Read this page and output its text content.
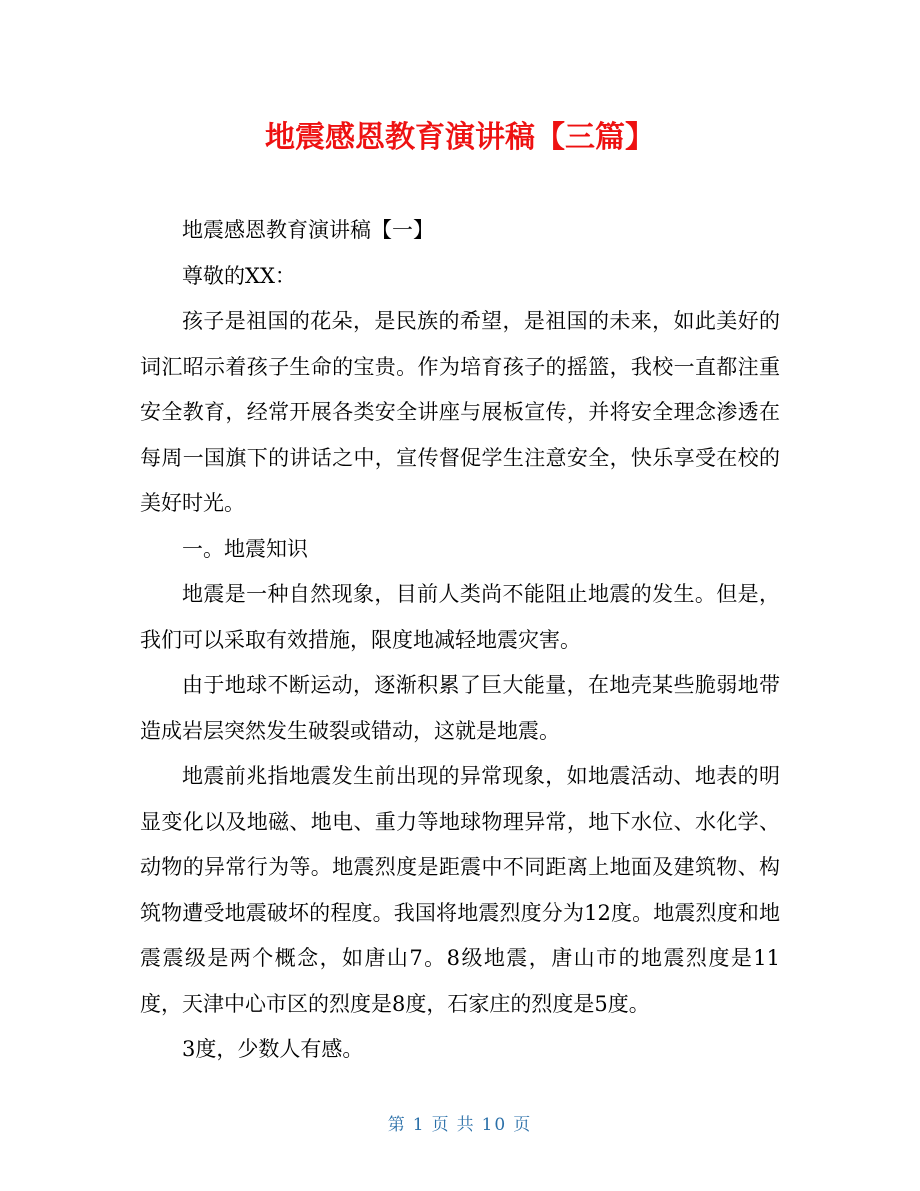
地震感恩教育演讲稿【三篇】

地震感恩教育演讲稿【一】

尊敬的XX：

孩子是祖国的花朵，是民族的希望，是祖国的未来，如此美好的词汇昭示着孩子生命的宝贵。作为培育孩子的摇篮，我校一直都注重安全教育，经常开展各类安全讲座与展板宣传，并将安全理念渗透在每周一国旗下的讲话之中，宣传督促学生注意安全，快乐享受在校的美好时光。

一。地震知识

地震是一种自然现象，目前人类尚不能阻止地震的发生。但是，我们可以采取有效措施，限度地减轻地震灾害。

由于地球不断运动，逐渐积累了巨大能量，在地壳某些脆弱地带造成岩层突然发生破裂或错动，这就是地震。

地震前兆指地震发生前出现的异常现象，如地震活动、地表的明显变化以及地磁、地电、重力等地球物理异常，地下水位、水化学、动物的异常行为等。地震烈度是距震中不同距离上地面及建筑物、构筑物遭受地震破坏的程度。我国将地震烈度分为12度。地震烈度和地震震级是两个概念，如唐山7。8级地震，唐山市的地震烈度是11度，天津中心市区的烈度是8度，石家庄的烈度是5度。

3度，少数人有感。

第 1 页 共 10 页
